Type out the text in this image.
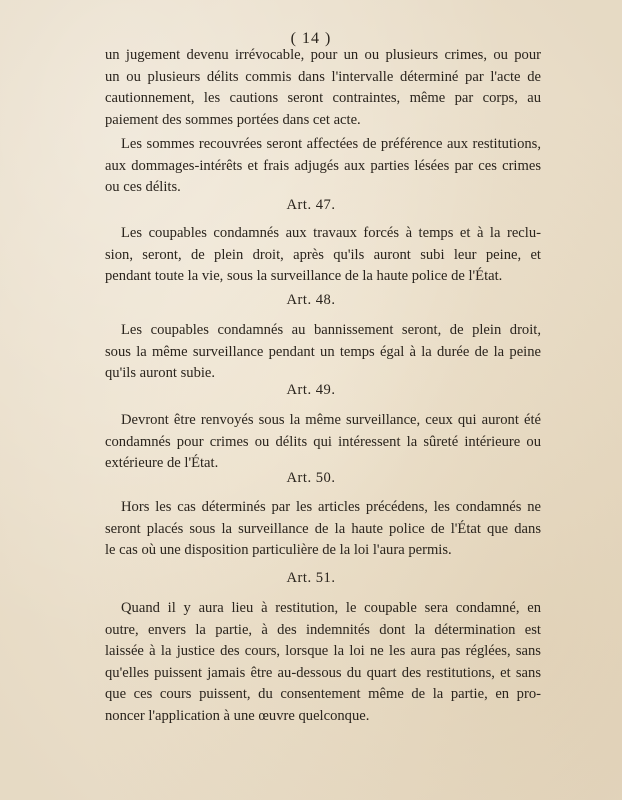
( 14 )
un jugement devenu irrévocable, pour un ou plusieurs crimes, ou pour
un ou plusieurs délits commis dans l'intervalle déterminé par l'acte de
cautionnement, les cautions seront contraintes, même par corps, au
paiement des sommes portées dans cet acte.
Les sommes recouvrées seront affectées de préférence aux restitutions,
aux dommages-intérêts et frais adjugés aux parties lésées par ces crimes
ou ces délits.
Art. 47.
Les coupables condamnés aux travaux forcés à temps et à la reclu-
sion, seront, de plein droit, après qu'ils auront subi leur peine, et
pendant toute la vie, sous la surveillance de la haute police de l'État.
Art. 48.
Les coupables condamnés au bannissement seront, de plein droit,
sous la même surveillance pendant un temps égal à la durée de la peine
qu'ils auront subie.
Art. 49.
Devront être renvoyés sous la même surveillance, ceux qui auront été
condamnés pour crimes ou délits qui intéressent la sûreté intérieure ou
extérieure de l'État.
Art. 50.
Hors les cas déterminés par les articles précédens, les condamnés ne
seront placés sous la surveillance de la haute police de l'État que dans
le cas où une disposition particulière de la loi l'aura permis.
Art. 51.
Quand il y aura lieu à restitution, le coupable sera condamné, en
outre, envers la partie, à des indemnités dont la détermination est
laissée à la justice des cours, lorsque la loi ne les aura pas réglées, sans
qu'elles puissent jamais être au-dessous du quart des restitutions, et sans
que ces cours puissent, du consentement même de la partie, en pro-
noncer l'application à une œuvre quelconque.
